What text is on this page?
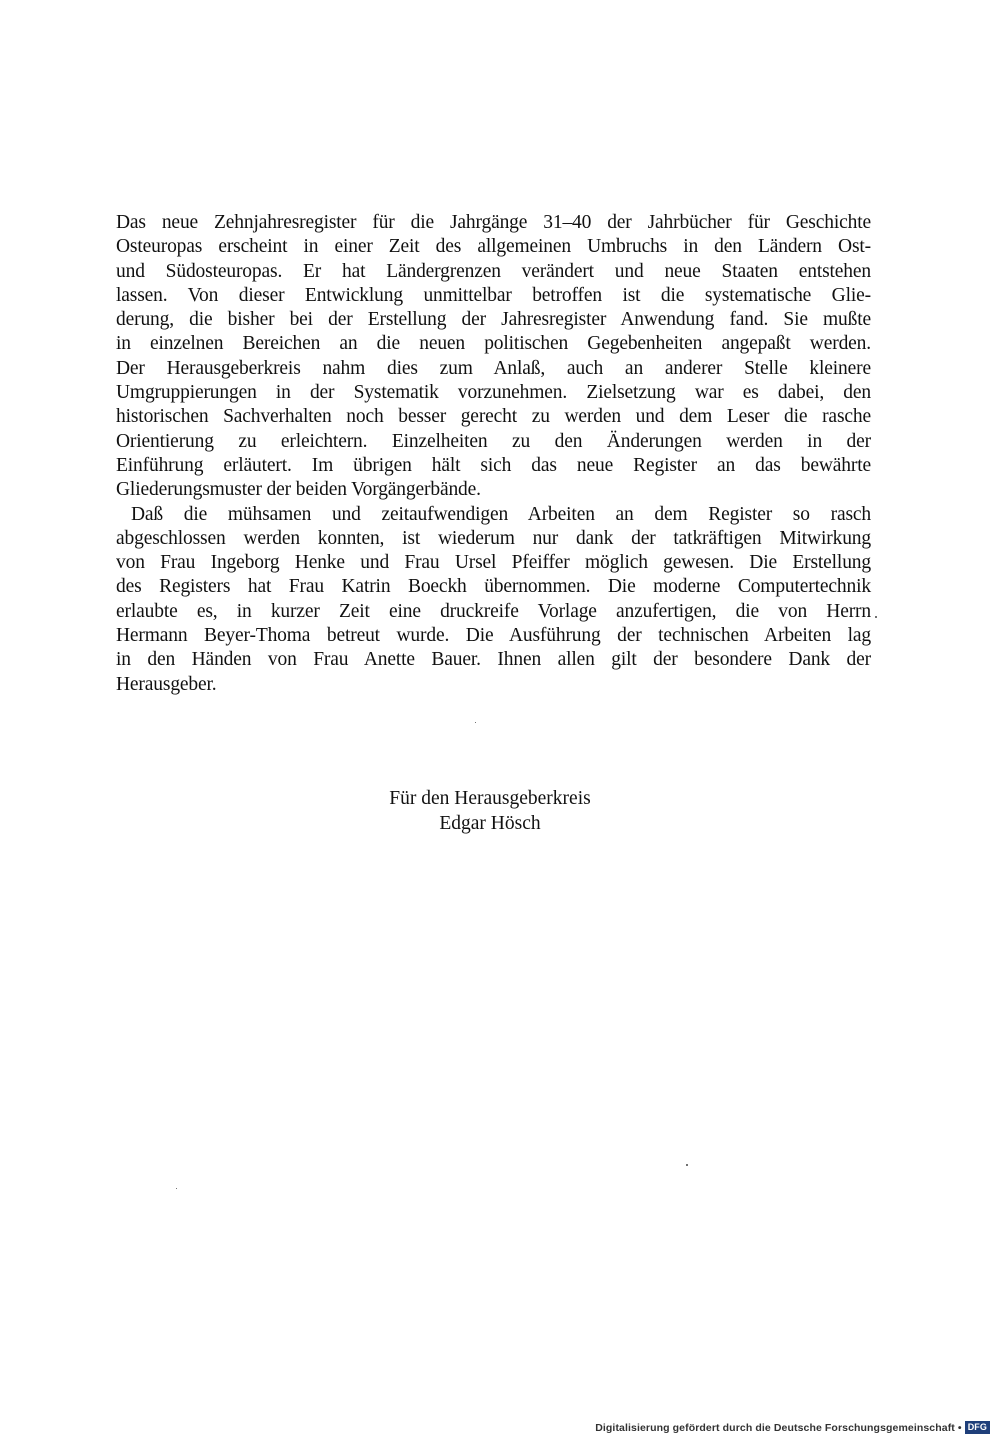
Das neue Zehnjahresregister für die Jahrgänge 31–40 der Jahrbücher für Geschichte
Osteuropas erscheint in einer Zeit des allgemeinen Umbruchs in den Ländern Ost-
und Südosteuropas. Er hat Ländergrenzen verändert und neue Staaten entstehen
lassen. Von dieser Entwicklung unmittelbar betroffen ist die systematische Glie-
derung, die bisher bei der Erstellung der Jahresregister Anwendung fand. Sie mußte
in einzelnen Bereichen an die neuen politischen Gegebenheiten angepaßt werden.
Der Herausgeberkreis nahm dies zum Anlaß, auch an anderer Stelle kleinere
Umgruppierungen in der Systematik vorzunehmen. Zielsetzung war es dabei, den
historischen Sachverhalten noch besser gerecht zu werden und dem Leser die rasche
Orientierung zu erleichtern. Einzelheiten zu den Änderungen werden in der
Einführung erläutert. Im übrigen hält sich das neue Register an das bewährte
Gliederungsmuster der beiden Vorgängerbände.
Daß die mühsamen und zeitaufwendigen Arbeiten an dem Register so rasch
abgeschlossen werden konnten, ist wiederum nur dank der tatkräftigen Mitwirkung
von Frau Ingeborg Henke und Frau Ursel Pfeiffer möglich gewesen. Die Erstellung
des Registers hat Frau Katrin Boeckh übernommen. Die moderne Computertechnik
erlaubte es, in kurzer Zeit eine druckreife Vorlage anzufertigen, die von Herrn
Hermann Beyer-Thoma betreut wurde. Die Ausführung der technischen Arbeiten lag
in den Händen von Frau Anette Bauer. Ihnen allen gilt der besondere Dank der
Herausgeber.
Für den Herausgeberkreis
Edgar Hösch
Digitalisierung gefördert durch die Deutsche Forschungsgemeinschaft • DFG
